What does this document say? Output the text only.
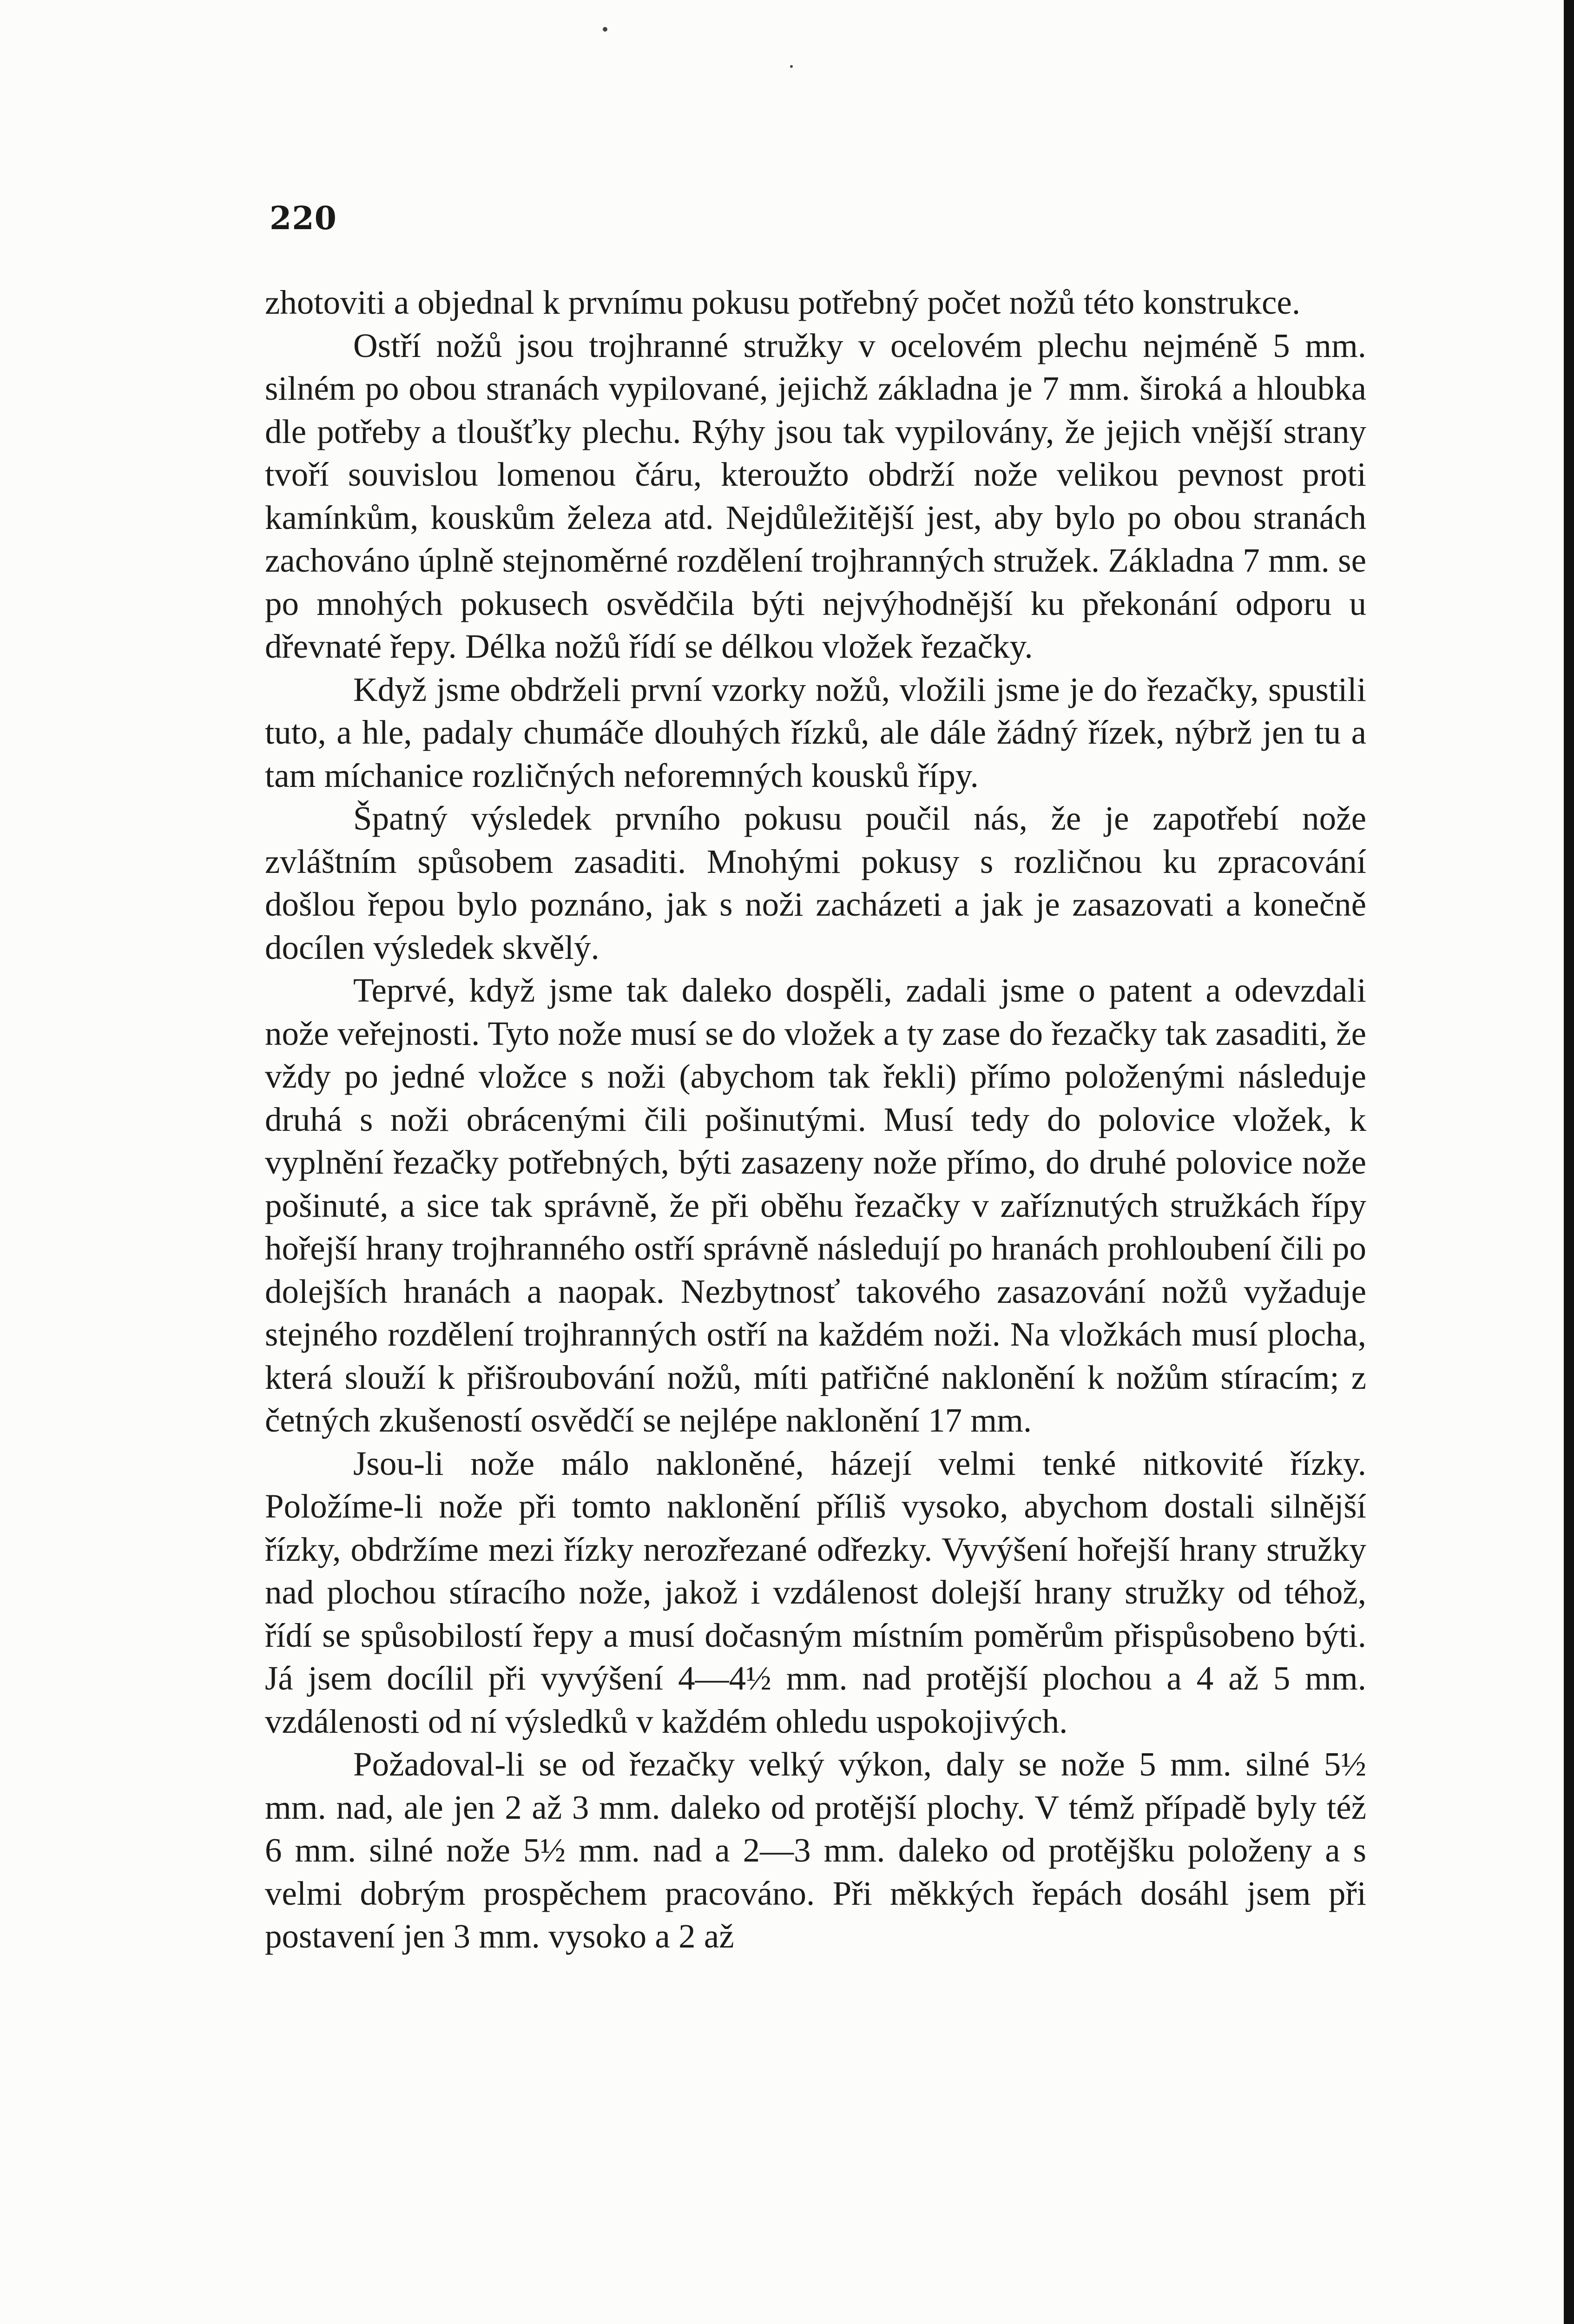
220

zhotoviti a objednal k prvnímu pokusu potřebný počet nožů této konstrukce.

Ostří nožů jsou trojhranné stružky v ocelovém plechu nejméně 5 mm. silném po obou stranách vypilované, jejichž základna je 7 mm. široká a hloubka dle potřeby a tloušťky plechu. Rýhy jsou tak vypilovány, že jejich vnější strany tvoří souvislou lomenou čáru, kteroužto obdrží nože velikou pevnost proti kamínkům, kouskům železa atd. Nejdůležitější jest, aby bylo po obou stranách zachováno úplně stejnoměrné rozdělení trojhranných stružek. Základna 7 mm. se po mnohých pokusech osvědčila býti nejvýhodnější ku překonání odporu u dřevnaté řepy. Délka nožů řídí se délkou vložek řezačky.

Když jsme obdrželi první vzorky nožů, vložili jsme je do řezačky, spustili tuto, a hle, padaly chumáče dlouhých řízků, ale dále žádný řízek, nýbrž jen tu a tam míchanice rozličných neforemných kousků řípy.

Špatný výsledek prvního pokusu poučil nás, že je zapotřebí nože zvláštním spůsobem zasaditi. Mnohými pokusy s rozličnou ku zpracování došlou řepou bylo poznáno, jak s noži zacházeti a jak je zasazovati a konečně docílen výsledek skvělý.

Teprvé, když jsme tak daleko dospěli, zadali jsme o patent a odevzdali nože veřejnosti. Tyto nože musí se do vložek a ty zase do řezačky tak zasaditi, že vždy po jedné vložce s noži (abychom tak řekli) přímo položenými následuje druhá s noži obrácenými čili pošinutými. Musí tedy do polovice vložek, k vyplnění řezačky potřebných, býti zasazeny nože přímo, do druhé polovice nože pošinuté, a sice tak správně, že při oběhu řezačky v zaříznutých stružkách řípy hořejší hrany trojhranného ostří správně následují po hranách prohloubení čili po dolejších hranách a naopak. Nezbytnosť takového zasazování nožů vyžaduje stejného rozdělení trojhranných ostří na každém noži. Na vložkách musí plocha, která slouží k přišroubování nožů, míti patřičné naklonění k nožům stíracím; z četných zkušeností osvědčí se nejlépe naklonění 17 mm.

Jsou-li nože málo nakloněné, házejí velmi tenké nitkovité řízky. Položíme-li nože při tomto naklonění příliš vysoko, abychom dostali silnější řízky, obdržíme mezi řízky nerozřezané odřezky. Vyvýšení hořejší hrany stružky nad plochou stíracího nože, jakož i vzdálenost dolejší hrany stružky od téhož, řídí se spůsobilostí řepy a musí dočasným místním poměrům přispůsobeno býti. Já jsem docílil při vyvýšení 4—4½ mm. nad protější plochou a 4 až 5 mm. vzdálenosti od ní výsledků v každém ohledu uspokojivých.

Požadoval-li se od řezačky velký výkon, daly se nože 5 mm. silné 5½ mm. nad, ale jen 2 až 3 mm. daleko od protější plochy. V témž případě byly též 6 mm. silné nože 5½ mm. nad a 2—3 mm. daleko od protějšku položeny a s velmi dobrým prospěchem pracováno. Při měkkých řepách dosáhl jsem při postavení jen 3 mm. vysoko a 2 až
